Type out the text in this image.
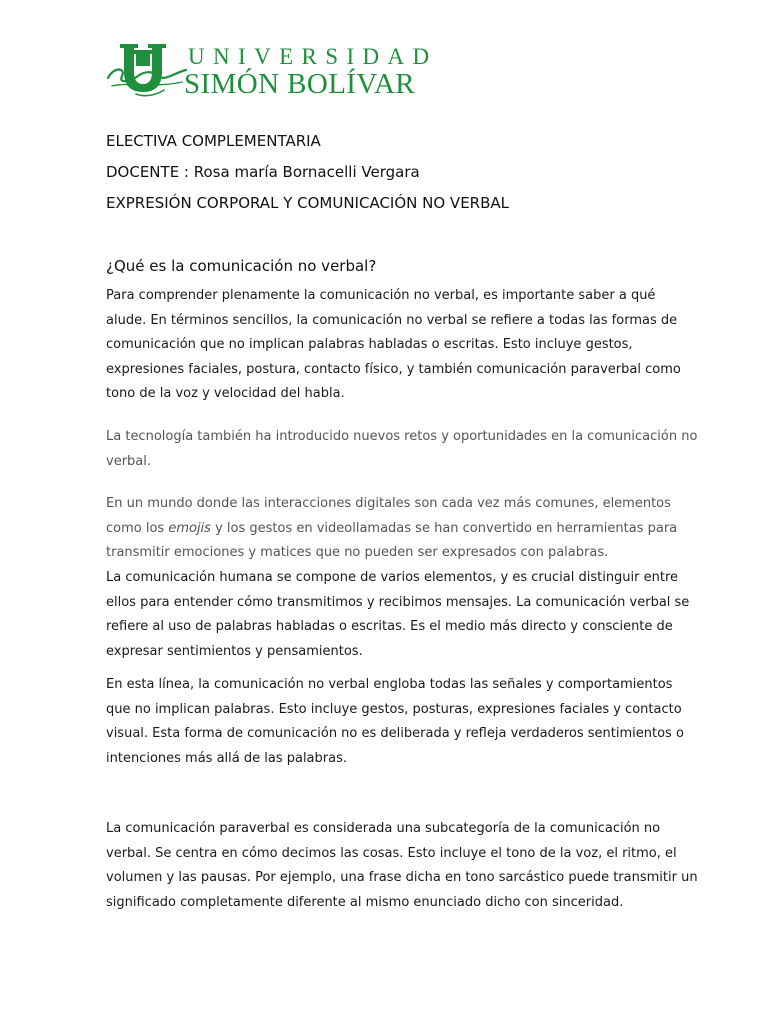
UNIVERSIDAD
SIMÓN BOLÍVAR
ELECTIVA COMPLEMENTARIA
DOCENTE : Rosa maría Bornacelli Vergara
EXPRESIÓN CORPORAL Y COMUNICACIÓN NO VERBAL
¿Qué es la comunicación no verbal?

Para comprender plenamente la comunicación no verbal, es importante saber a qué
alude. En términos sencillos, la comunicación no verbal se refiere a todas las formas de
comunicación que no implican palabras habladas o escritas. Esto incluye gestos,
expresiones faciales, postura, contacto físico, y también comunicación paraverbal como
tono de la voz y velocidad del habla.

La tecnología también ha introducido nuevos retos y oportunidades en la comunicación no
verbal.

En un mundo donde las interacciones digitales son cada vez más comunes, elementos
como los emojis y los gestos en videollamadas se han convertido en herramientas para
transmitir emociones y matices que no pueden ser expresados con palabras.

La comunicación humana se compone de varios elementos, y es crucial distinguir entre
ellos para entender cómo transmitimos y recibimos mensajes. La comunicación verbal se
refiere al uso de palabras habladas o escritas. Es el medio más directo y consciente de
expresar sentimientos y pensamientos.

En esta línea, la comunicación no verbal engloba todas las señales y comportamientos
que no implican palabras. Esto incluye gestos, posturas, expresiones faciales y contacto
visual. Esta forma de comunicación no es deliberada y refleja verdaderos sentimientos o
intenciones más allá de las palabras.

La comunicación paraverbal es considerada una subcategoría de la comunicación no
verbal. Se centra en cómo decimos las cosas. Esto incluye el tono de la voz, el ritmo, el
volumen y las pausas. Por ejemplo, una frase dicha en tono sarcástico puede transmitir un
significado completamente diferente al mismo enunciado dicho con sinceridad.
